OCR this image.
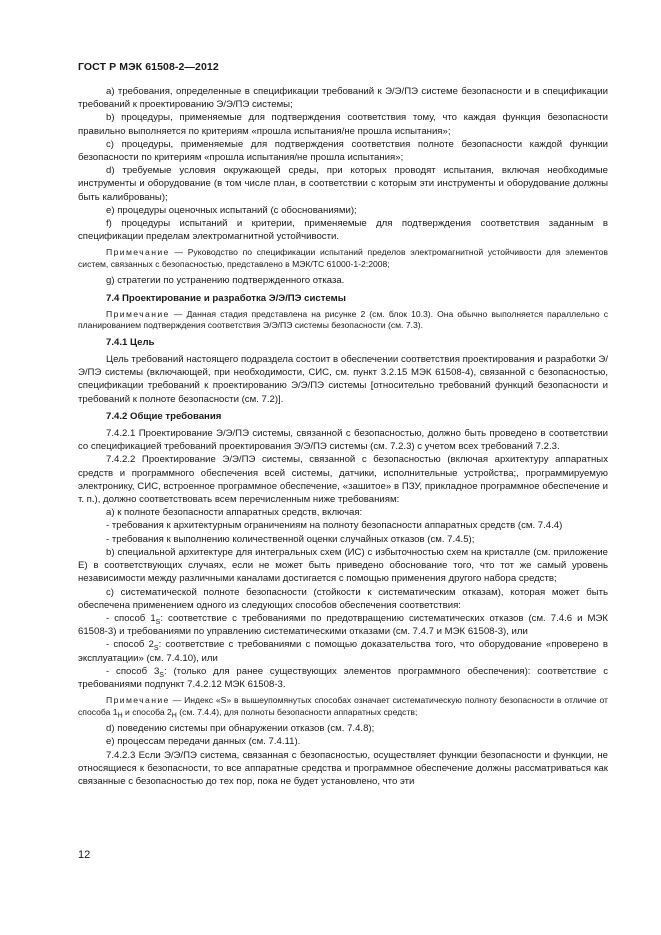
ГОСТ Р МЭК 61508-2—2012

a) требования, определенные в спецификации требований к Э/Э/ПЭ системе безопасности и в спецификации требований к проектированию Э/Э/ПЭ системы;

b) процедуры, применяемые для подтверждения соответствия тому, что каждая функция безопасности правильно выполняется по критериям «прошла испытания/не прошла испытания»;

c) процедуры, применяемые для подтверждения соответствия полноте безопасности каждой функции безопасности по критериям «прошла испытания/не прошла испытания»;

d) требуемые условия окружающей среды, при которых проводят испытания, включая необходимые инструменты и оборудование (в том числе план, в соответствии с которым эти инструменты и оборудование должны быть калиброваны);

e) процедуры оценочных испытаний (с обоснованиями);

f) процедуры испытаний и критерии, применяемые для подтверждения соответствия заданным в спецификации пределам электромагнитной устойчивости.

Примечание — Руководство по спецификации испытаний пределов электромагнитной устойчивости для элементов систем, связанных с безопасностью, представлено в МЭК/ТС 61000-1-2:2008;

g) стратегии по устранению подтвержденного отказа.

7.4 Проектирование и разработка Э/Э/ПЭ системы

Примечание — Данная стадия представлена на рисунке 2 (см. блок 10.3). Она обычно выполняется параллельно с планированием подтверждения соответствия Э/Э/ПЭ системы безопасности (см. 7.3).

7.4.1 Цель

Цель требований настоящего подраздела состоит в обеспечении соответствия проектирования и разработки Э/Э/ПЭ системы (включающей, при необходимости, СИС, см. пункт 3.2.15 МЭК 61508-4), связанной с безопасностью, спецификации требований к проектированию Э/Э/ПЭ системы [относительно требований функций безопасности и требований к полноте безопасности (см. 7.2)].

7.4.2 Общие требования

7.4.2.1 Проектирование Э/Э/ПЭ системы, связанной с безопасностью, должно быть проведено в соответствии со спецификацией требований проектирования Э/Э/ПЭ системы (см. 7.2.3) с учетом всех требований 7.2.3.

7.4.2.2 Проектирование Э/Э/ПЭ системы, связанной с безопасностью (включая архитектуру аппаратных средств и программного обеспечения всей системы, датчики, исполнительные устройства;, программируемую электронику, СИС, встроенное программное обеспечение, «зашитое» в ПЗУ, прикладное программное обеспечение и т. п.), должно соответствовать всем перечисленным ниже требованиям:

a) к полноте безопасности аппаратных средств, включая:

- требования к архитектурным ограничениям на полноту безопасности аппаратных средств (см. 7.4.4)

- требования к выполнению количественной оценки случайных отказов (см. 7.4.5);

b) специальной архитектуре для интегральных схем (ИС) с избыточностью схем на кристалле (см. приложение Е) в соответствующих случаях, если не может быть приведено обоснование того, что тот же самый уровень независимости между различными каналами достигается с помощью применения другого набора средств;

c) систематической полноте безопасности (стойкости к систематическим отказам), которая может быть обеспечена применением одного из следующих способов обеспечения соответствия:

- способ $1_S$: соответствие с требованиями по предотвращению систематических отказов (см. 7.4.6 и МЭК 61508-3) и требованиями по управлению систематическими отказами (см. 7.4.7 и МЭК 61508-3), или

- способ $2_S$: соответствие с требованиями с помощью доказательства того, что оборудование «проверено в эксплуатации» (см. 7.4.10), или

- способ $3_S$: (только для ранее существующих элементов программного обеспечения): соответствие с требованиями подпункт 7.4.2.12 МЭК 61508-3.

Примечание — Индекс «S» в вышеупомянутых способах означает систематическую полноту безопасности в отличие от способа $1_H$ и способа $2_H$ (см. 7.4.4), для полноты безопасности аппаратных средств;

d) поведению системы при обнаружении отказов (см. 7.4.8);

e) процессам передачи данных (см. 7.4.11).

7.4.2.3 Если Э/Э/ПЭ система, связанная с безопасностью, осуществляет функции безопасности и функции, не относящиеся к безопасности, то все аппаратные средства и программное обеспечение должны рассматриваться как связанные с безопасностью до тех пор, пока не будет установлено, что эти

12
